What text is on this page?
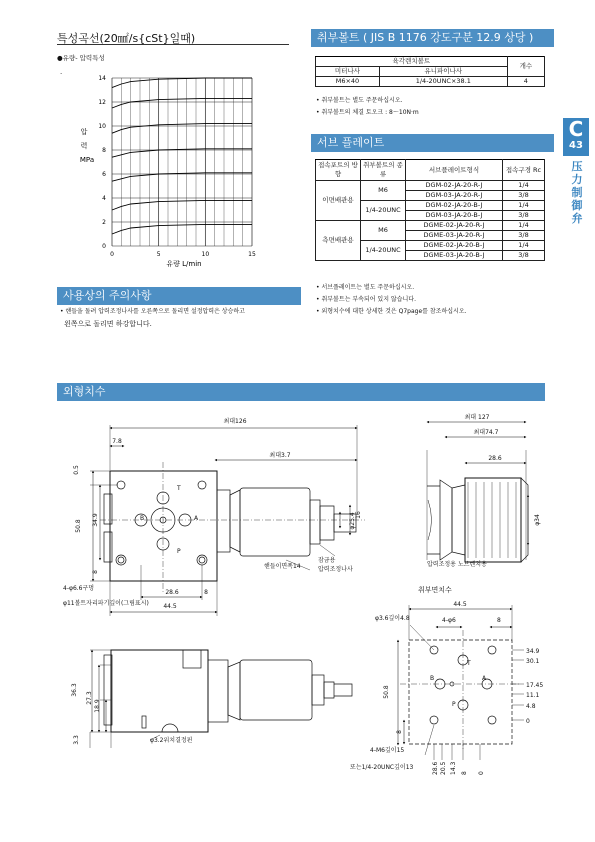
특성곡선(20㎟/s{cSt}일때)
●유량- 압력특성
·
0
2
4
6
8
10
12
14
0	5	10	15
압
력
MPa
유량 L/min
사용상의 주의사항
• 핸들을 돌려 압력조정나사를 오른쪽으로 돌리면 설정압력은 상승하고
왼쪽으로 돌리면 하강합니다.
취부볼트 ( JIS B 1176 강도구분 12.9 상당 )
육각렌치볼트		개수
미터나사	유니파이나사	
M6×40	1/4-20UNC×38.1	4
• 취부볼트는 별도 주문하십시오.
• 취부볼트의 체결 토오크 : 8～10N·m
서브 플레이트
접속포트의 방향	취부볼트의 종류	서브플레이트형식	접속구경 Rc
이면배관용	M6	DGM-02-JA-20-R-J	1/4
		DGM-03-JA-20-R-J	3/8
	1/4-20UNC	DGM-02-JA-20-B-J	1/4
		DGM-03-JA-20-B-J	3/8
측면배관용	M6	DGME-02-JA-20-R-J	1/4
		DGME-03-JA-20-R-J	3/8
	1/4-20UNC	DGME-02-JA-20-B-J	1/4
		DGME-03-JA-20-B-J	3/8
• 서브플레이트는 별도 주문하십시오.
• 취부볼트는 부속되어 있지 않습니다.
• 외형치수에 대한 상세한 것은 Q7page를 참조하십시오.
C
43
压
力
制
御
弁
외형치수
최대126
7.8
최대3.7
0.5
50.8 34.9
8
28.6	8
44.5
T
B	A
P
16
φ25.4
4-φ6.6구멍
φ11볼트자리파기깊이(그림표시)
핸들이면폭14
잠금용
압력조정나사
최대 127
최대74.7
28.6
φ34
압력조정용 노브렌치용
36.3
27.3
18.9
3.3	φ3.2위치결정핀
취부면치수
44.5
φ3.6깊이4.8	4-φ6	8
50.8
8
T
B	A
P
34.9
30.1
17.45
11.1
4.8
0
4-M6깊이15
28.6 20.5 14.3 8 0
또는1/4-20UNC깊이13
